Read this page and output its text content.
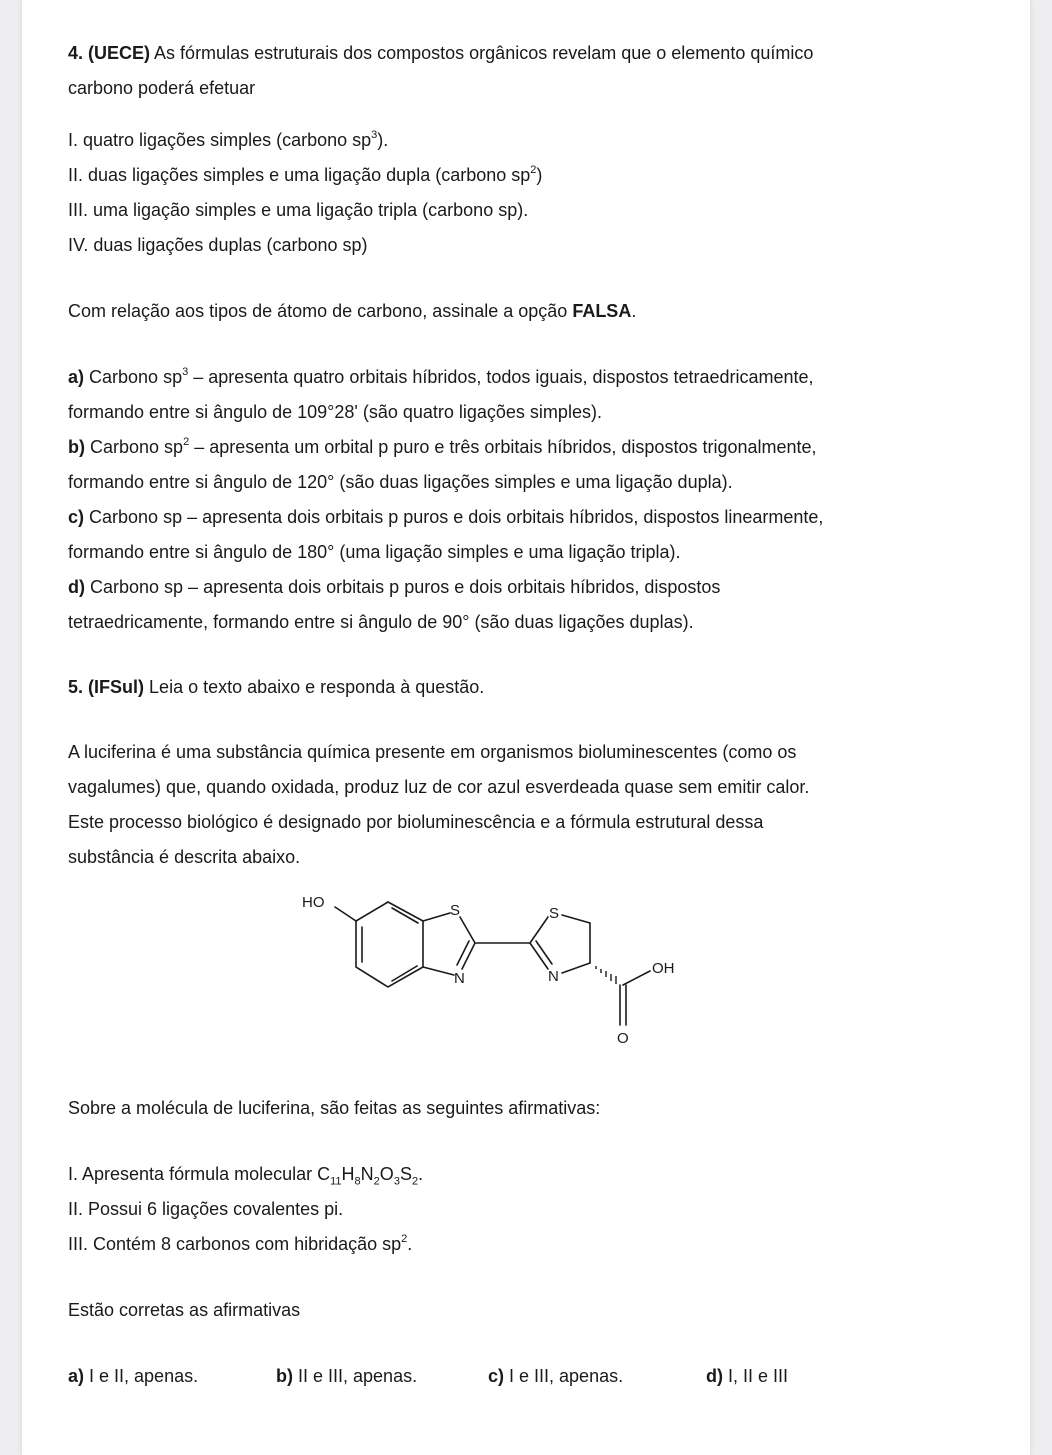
4. (UECE) As fórmulas estruturais dos compostos orgânicos revelam que o elemento químico

carbono poderá efetuar

I. quatro ligações simples (carbono $sp^3$).

II. duas ligações simples e uma ligação dupla (carbono $sp^2$)

III. uma ligação simples e uma ligação tripla (carbono sp).

IV. duas ligações duplas (carbono sp)

Com relação aos tipos de átomo de carbono, assinale a opção FALSA.

a) Carbono $sp^3$ – apresenta quatro orbitais híbridos, todos iguais, dispostos tetraedricamente,

formando entre si ângulo de 109°28' (são quatro ligações simples).

b) Carbono $sp^2$ – apresenta um orbital p puro e três orbitais híbridos, dispostos trigonalmente,

formando entre si ângulo de 120° (são duas ligações simples e uma ligação dupla).

c) Carbono sp – apresenta dois orbitais p puros e dois orbitais híbridos, dispostos linearmente,

formando entre si ângulo de 180° (uma ligação simples e uma ligação tripla).

d) Carbono sp – apresenta dois orbitais p puros e dois orbitais híbridos, dispostos

tetraedricamente, formando entre si ângulo de 90° (são duas ligações duplas).

5. (IFSul) Leia o texto abaixo e responda à questão.

A luciferina é uma substância química presente em organismos bioluminescentes (como os

vagalumes) que, quando oxidada, produz luz de cor azul esverdeada quase sem emitir calor.

Este processo biológico é designado por bioluminescência e a fórmula estrutural dessa

substância é descrita abaixo.

HO	S
N
S
N	OH
O

Sobre a molécula de luciferina, são feitas as seguintes afirmativas:

I. Apresenta fórmula molecular $C_{11}H_8N_2O_3S_2$.

II. Possui 6 ligações covalentes pi.

III. Contém 8 carbonos com hibridação $sp^2$.

Estão corretas as afirmativas

a) I e II, apenas.	b) II e III, apenas.	c) I e III, apenas.	d) I, II e III
